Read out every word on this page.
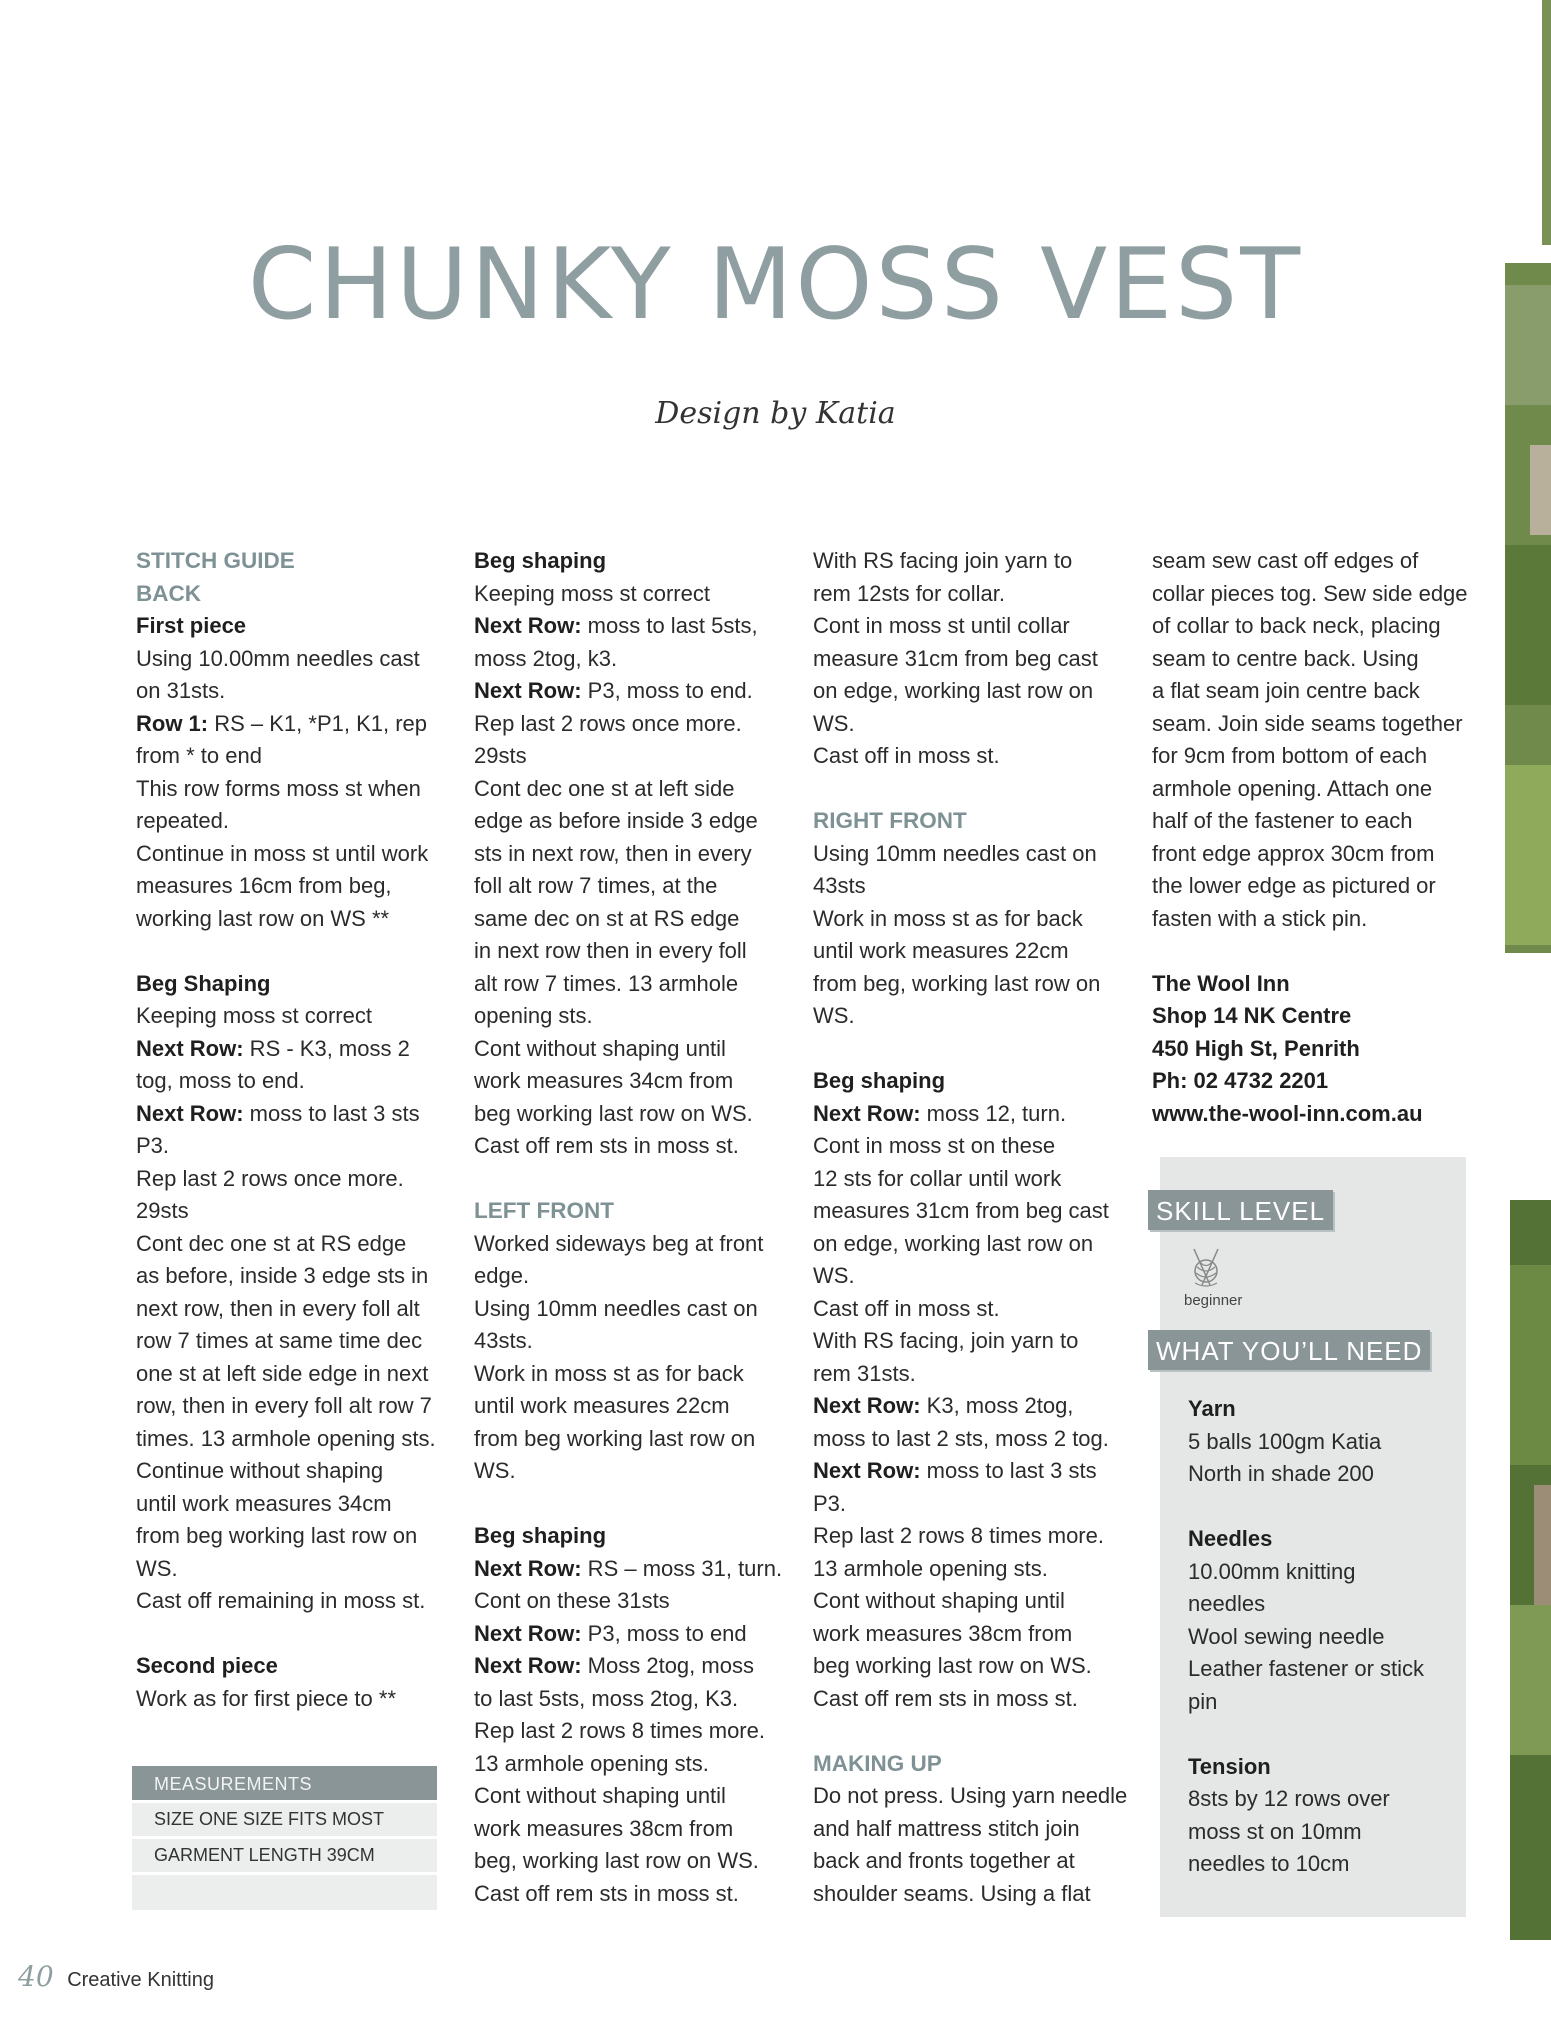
CHUNKY MOSS VEST
Design by Katia
STITCH GUIDE
BACK
First piece
Using 10.00mm needles cast
on 31sts.
Row 1: RS – K1, *P1, K1, rep
from * to end
This row forms moss st when
repeated.
Continue in moss st until work
measures 16cm from beg,
working last row on WS **
Beg Shaping
Keeping moss st correct
Next Row: RS - K3, moss 2
tog, moss to end.
Next Row: moss to last 3 sts
P3.
Rep last 2 rows once more.
29sts
Cont dec one st at RS edge
as before, inside 3 edge sts in
next row, then in every foll alt
row 7 times at same time dec
one st at left side edge in next
row, then in every foll alt row 7
times. 13 armhole opening sts.
Continue without shaping
until work measures 34cm
from beg working last row on
WS.
Cast off remaining in moss st.
Second piece
Work as for first piece to **
Beg shaping
Keeping moss st correct
Next Row: moss to last 5sts,
moss 2tog, k3.
Next Row: P3, moss to end.
Rep last 2 rows once more.
29sts
Cont dec one st at left side
edge as before inside 3 edge
sts in next row, then in every
foll alt row 7 times, at the
same dec on st at RS edge
in next row then in every foll
alt row 7 times. 13 armhole
opening sts.
Cont without shaping until
work measures 34cm from
beg working last row on WS.
Cast off rem sts in moss st.
LEFT FRONT
Worked sideways beg at front
edge.
Using 10mm needles cast on
43sts.
Work in moss st as for back
until work measures 22cm
from beg working last row on
WS.
Beg shaping
Next Row: RS – moss 31, turn.
Cont on these 31sts
Next Row: P3, moss to end
Next Row: Moss 2tog, moss
to last 5sts, moss 2tog, K3.
Rep last 2 rows 8 times more.
13 armhole opening sts.
Cont without shaping until
work measures 38cm from
beg, working last row on WS.
Cast off rem sts in moss st.
With RS facing join yarn to
rem 12sts for collar.
Cont in moss st until collar
measure 31cm from beg cast
on edge, working last row on
WS.
Cast off in moss st.
RIGHT FRONT
Using 10mm needles cast on
43sts
Work in moss st as for back
until work measures 22cm
from beg, working last row on
WS.
Beg shaping
Next Row: moss 12, turn.
Cont in moss st on these
12 sts for collar until work
measures 31cm from beg cast
on edge, working last row on
WS.
Cast off in moss st.
With RS facing, join yarn to
rem 31sts.
Next Row: K3, moss 2tog,
moss to last 2 sts, moss 2 tog.
Next Row: moss to last 3 sts
P3.
Rep last 2 rows 8 times more.
13 armhole opening sts.
Cont without shaping until
work measures 38cm from
beg working last row on WS.
Cast off rem sts in moss st.
MAKING UP
Do not press. Using yarn needle
and half mattress stitch join
back and fronts together at
shoulder seams. Using a flat
seam sew cast off edges of
collar pieces tog. Sew side edge
of collar to back neck, placing
seam to centre back. Using
a flat seam join centre back
seam. Join side seams together
for 9cm from bottom of each
armhole opening. Attach one
half of the fastener to each
front edge approx 30cm from
the lower edge as pictured or
fasten with a stick pin.
The Wool Inn
Shop 14 NK Centre
450 High St, Penrith
Ph: 02 4732 2201
www.the-wool-inn.com.au
MEASUREMENTS
SIZE ONE SIZE FITS MOST
GARMENT LENGTH 39CM
SKILL LEVEL
beginner
WHAT YOU’LL NEED
Yarn
5 balls 100gm Katia
North in shade 200
Needles
10.00mm knitting
needles
Wool sewing needle
Leather fastener or stick
pin
Tension
8sts by 12 rows over
moss st on 10mm
needles to 10cm
40 Creative Knitting
